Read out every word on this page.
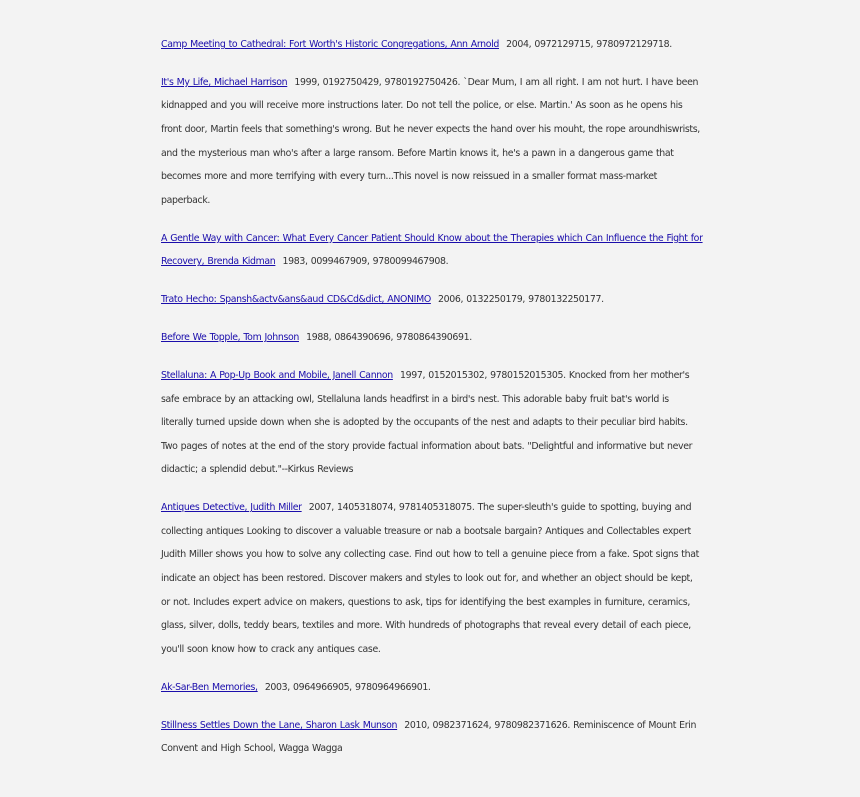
Camp Meeting to Cathedral: Fort Worth's Historic Congregations, Ann Arnold 2004, 0972129715, 9780972129718.

It's My Life, Michael Harrison 1999, 0192750429, 9780192750426. `Dear Mum, I am all right. I am not hurt. I have been kidnapped and you will receive more instructions later. Do not tell the police, or else. Martin.' As soon as he opens his front door, Martin feels that something's wrong. But he never expects the hand over his mouht, the rope aroundhiswrists, and the mysterious man who's after a large ransom. Before Martin knows it, he's a pawn in a dangerous game that becomes more and more terrifying with every turn...This novel is now reissued in a smaller format mass-market paperback.

A Gentle Way with Cancer: What Every Cancer Patient Should Know about the Therapies which Can Influence the Fight for Recovery, Brenda Kidman 1983, 0099467909, 9780099467908.

Trato Hecho: Spansh&actv&ans&aud CD&Cd&dict, ANONIMO 2006, 0132250179, 9780132250177.

Before We Topple, Tom Johnson 1988, 0864390696, 9780864390691.

Stellaluna: A Pop-Up Book and Mobile, Janell Cannon 1997, 0152015302, 9780152015305. Knocked from her mother's safe embrace by an attacking owl, Stellaluna lands headfirst in a bird's nest. This adorable baby fruit bat's world is literally turned upside down when she is adopted by the occupants of the nest and adapts to their peculiar bird habits. Two pages of notes at the end of the story provide factual information about bats. "Delightful and informative but never didactic; a splendid debut."--Kirkus Reviews

Antiques Detective, Judith Miller 2007, 1405318074, 9781405318075. The super-sleuth's guide to spotting, buying and collecting antiques Looking to discover a valuable treasure or nab a bootsale bargain? Antiques and Collectables expert Judith Miller shows you how to solve any collecting case. Find out how to tell a genuine piece from a fake. Spot signs that indicate an object has been restored. Discover makers and styles to look out for, and whether an object should be kept, or not. Includes expert advice on makers, questions to ask, tips for identifying the best examples in furniture, ceramics, glass, silver, dolls, teddy bears, textiles and more. With hundreds of photographs that reveal every detail of each piece, you'll soon know how to crack any antiques case.

Ak-Sar-Ben Memories, 2003, 0964966905, 9780964966901.

Stillness Settles Down the Lane, Sharon Lask Munson 2010, 0982371624, 9780982371626. Reminiscence of Mount Erin Convent and High School, Wagga Wagga
